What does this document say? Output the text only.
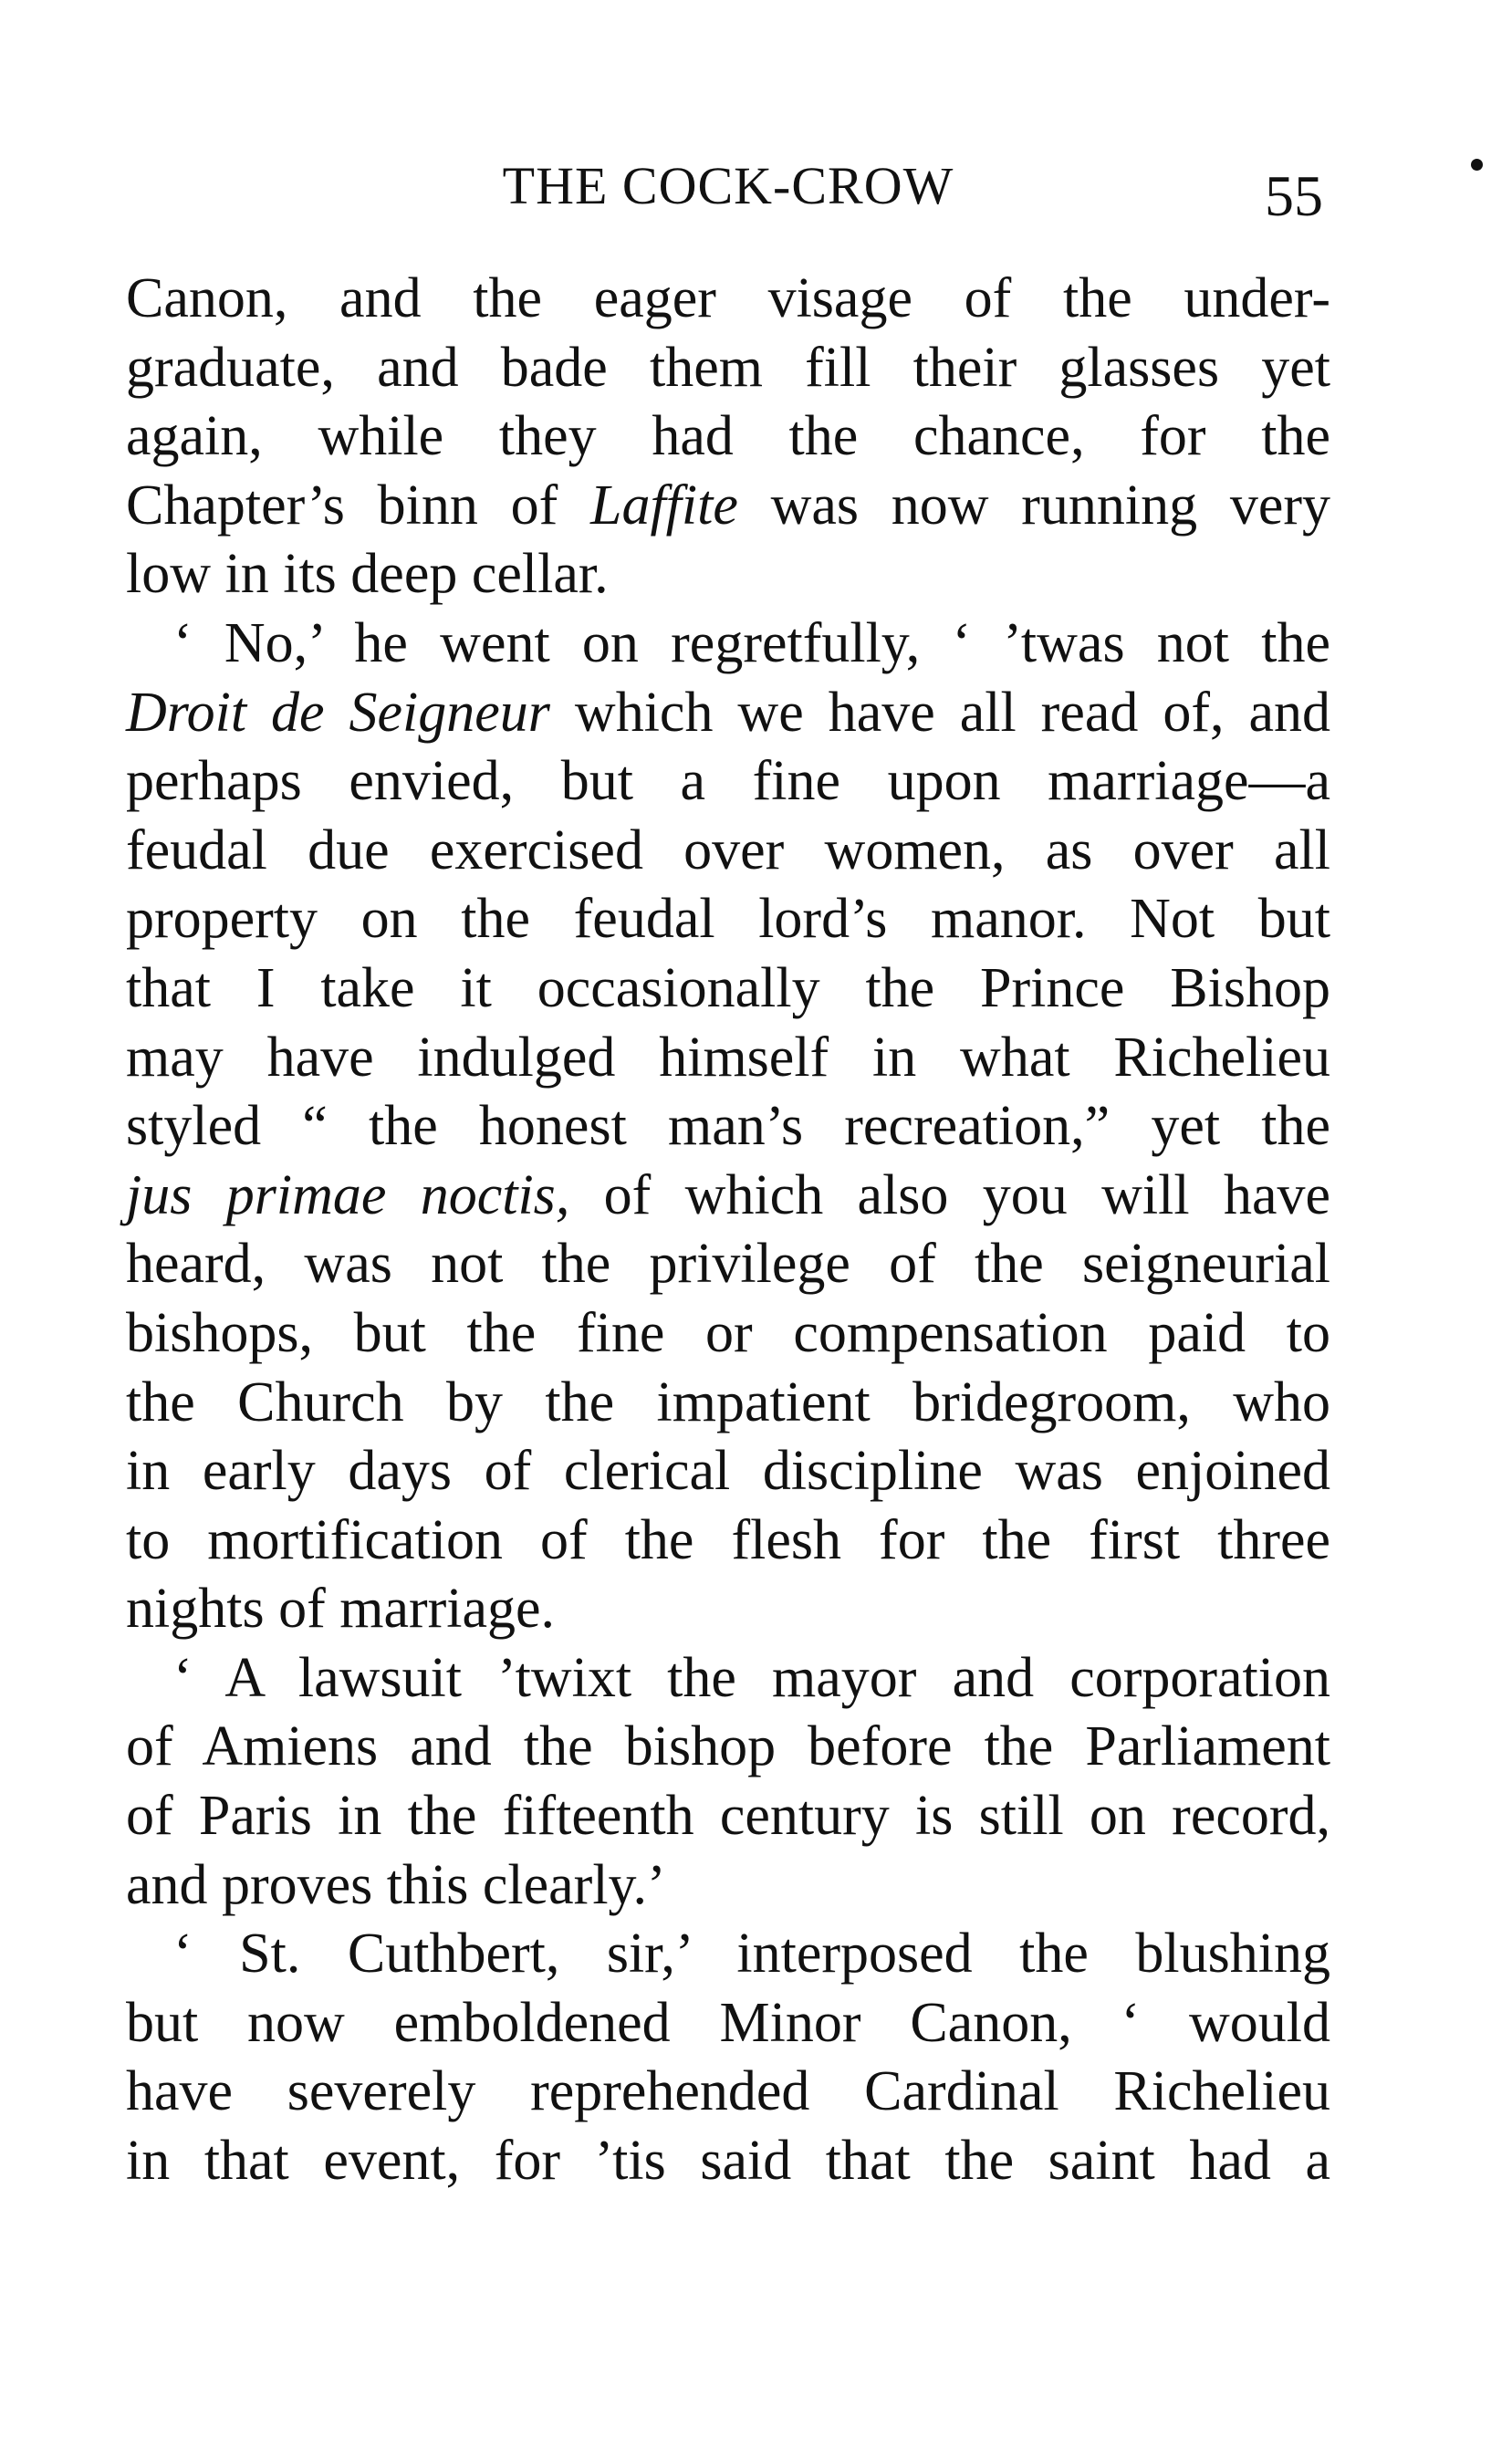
THE COCK-CROW	55
Canon, and the eager visage of the under-
graduate, and bade them fill their glasses yet
again, while they had the chance, for the
Chapter’s binn of Laffite was now running very
low in its deep cellar.
‘ No,’ he went on regretfully, ‘ ’twas not the
Droit de Seigneur which we have all read of, and
perhaps envied, but a fine upon marriage—a
feudal due exercised over women, as over all
property on the feudal lord’s manor. Not but
that I take it occasionally the Prince Bishop
may have indulged himself in what Richelieu
styled “ the honest man’s recreation,” yet the
jus primae noctis, of which also you will have
heard, was not the privilege of the seigneurial
bishops, but the fine or compensation paid to
the Church by the impatient bridegroom, who
in early days of clerical discipline was enjoined
to mortification of the flesh for the first three
nights of marriage.
‘ A lawsuit ’twixt the mayor and corporation
of Amiens and the bishop before the Parliament
of Paris in the fifteenth century is still on record,
and proves this clearly.’
‘ St. Cuthbert, sir,’ interposed the blushing
but now emboldened Minor Canon, ‘ would
have severely reprehended Cardinal Richelieu
in that event, for ’tis said that the saint had a
